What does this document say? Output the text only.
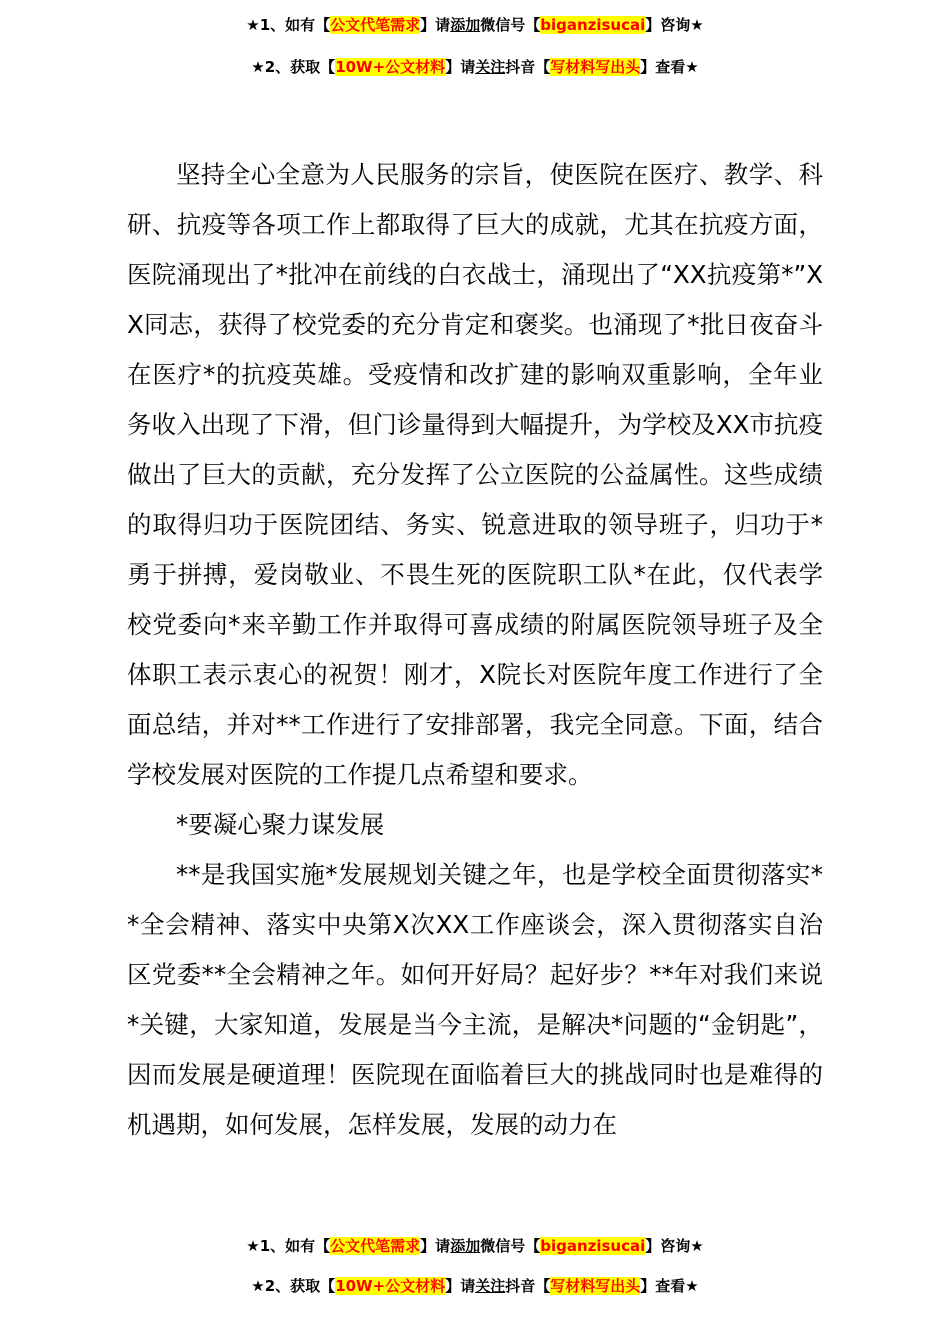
★1、如有【公文代笔需求】请添加微信号【biganzisucai】咨询★
★2、获取【10W+公文材料】请关注抖音【写材料写出头】查看★

坚持全心全意为人民服务的宗旨，使医院在医疗、教学、科研、抗疫等各项工作上都取得了巨大的成就，尤其在抗疫方面，医院涌现出了*批冲在前线的白衣战士，涌现出了“XX抗疫第*”XX同志，获得了校党委的充分肯定和褒奖。也涌现了*批日夜奋斗在医疗*的抗疫英雄。受疫情和改扩建的影响双重影响，全年业务收入出现了下滑，但门诊量得到大幅提升，为学校及XX市抗疫做出了巨大的贡献，充分发挥了公立医院的公益属性。这些成绩的取得归功于医院团结、务实、锐意进取的领导班子，归功于*勇于拼搏，爱岗敬业、不畏生死的医院职工队*在此，仅代表学校党委向*来辛勤工作并取得可喜成绩的附属医院领导班子及全体职工表示衷心的祝贺！刚才，X院长对医院年度工作进行了全面总结，并对**工作进行了安排部署，我完全同意。下面，结合学校发展对医院的工作提几点希望和要求。

*要凝心聚力谋发展

**是我国实施*发展规划关键之年，也是学校全面贯彻落实**全会精神、落实中央第X次XX工作座谈会，深入贯彻落实自治区党委**全会精神之年。如何开好局？起好步？**年对我们来说*关键，大家知道，发展是当今主流，是解决*问题的“金钥匙”，因而发展是硬道理！医院现在面临着巨大的挑战同时也是难得的机遇期，如何发展，怎样发展，发展的动力在

★1、如有【公文代笔需求】请添加微信号【biganzisucai】咨询★
★2、获取【10W+公文材料】请关注抖音【写材料写出头】查看★
